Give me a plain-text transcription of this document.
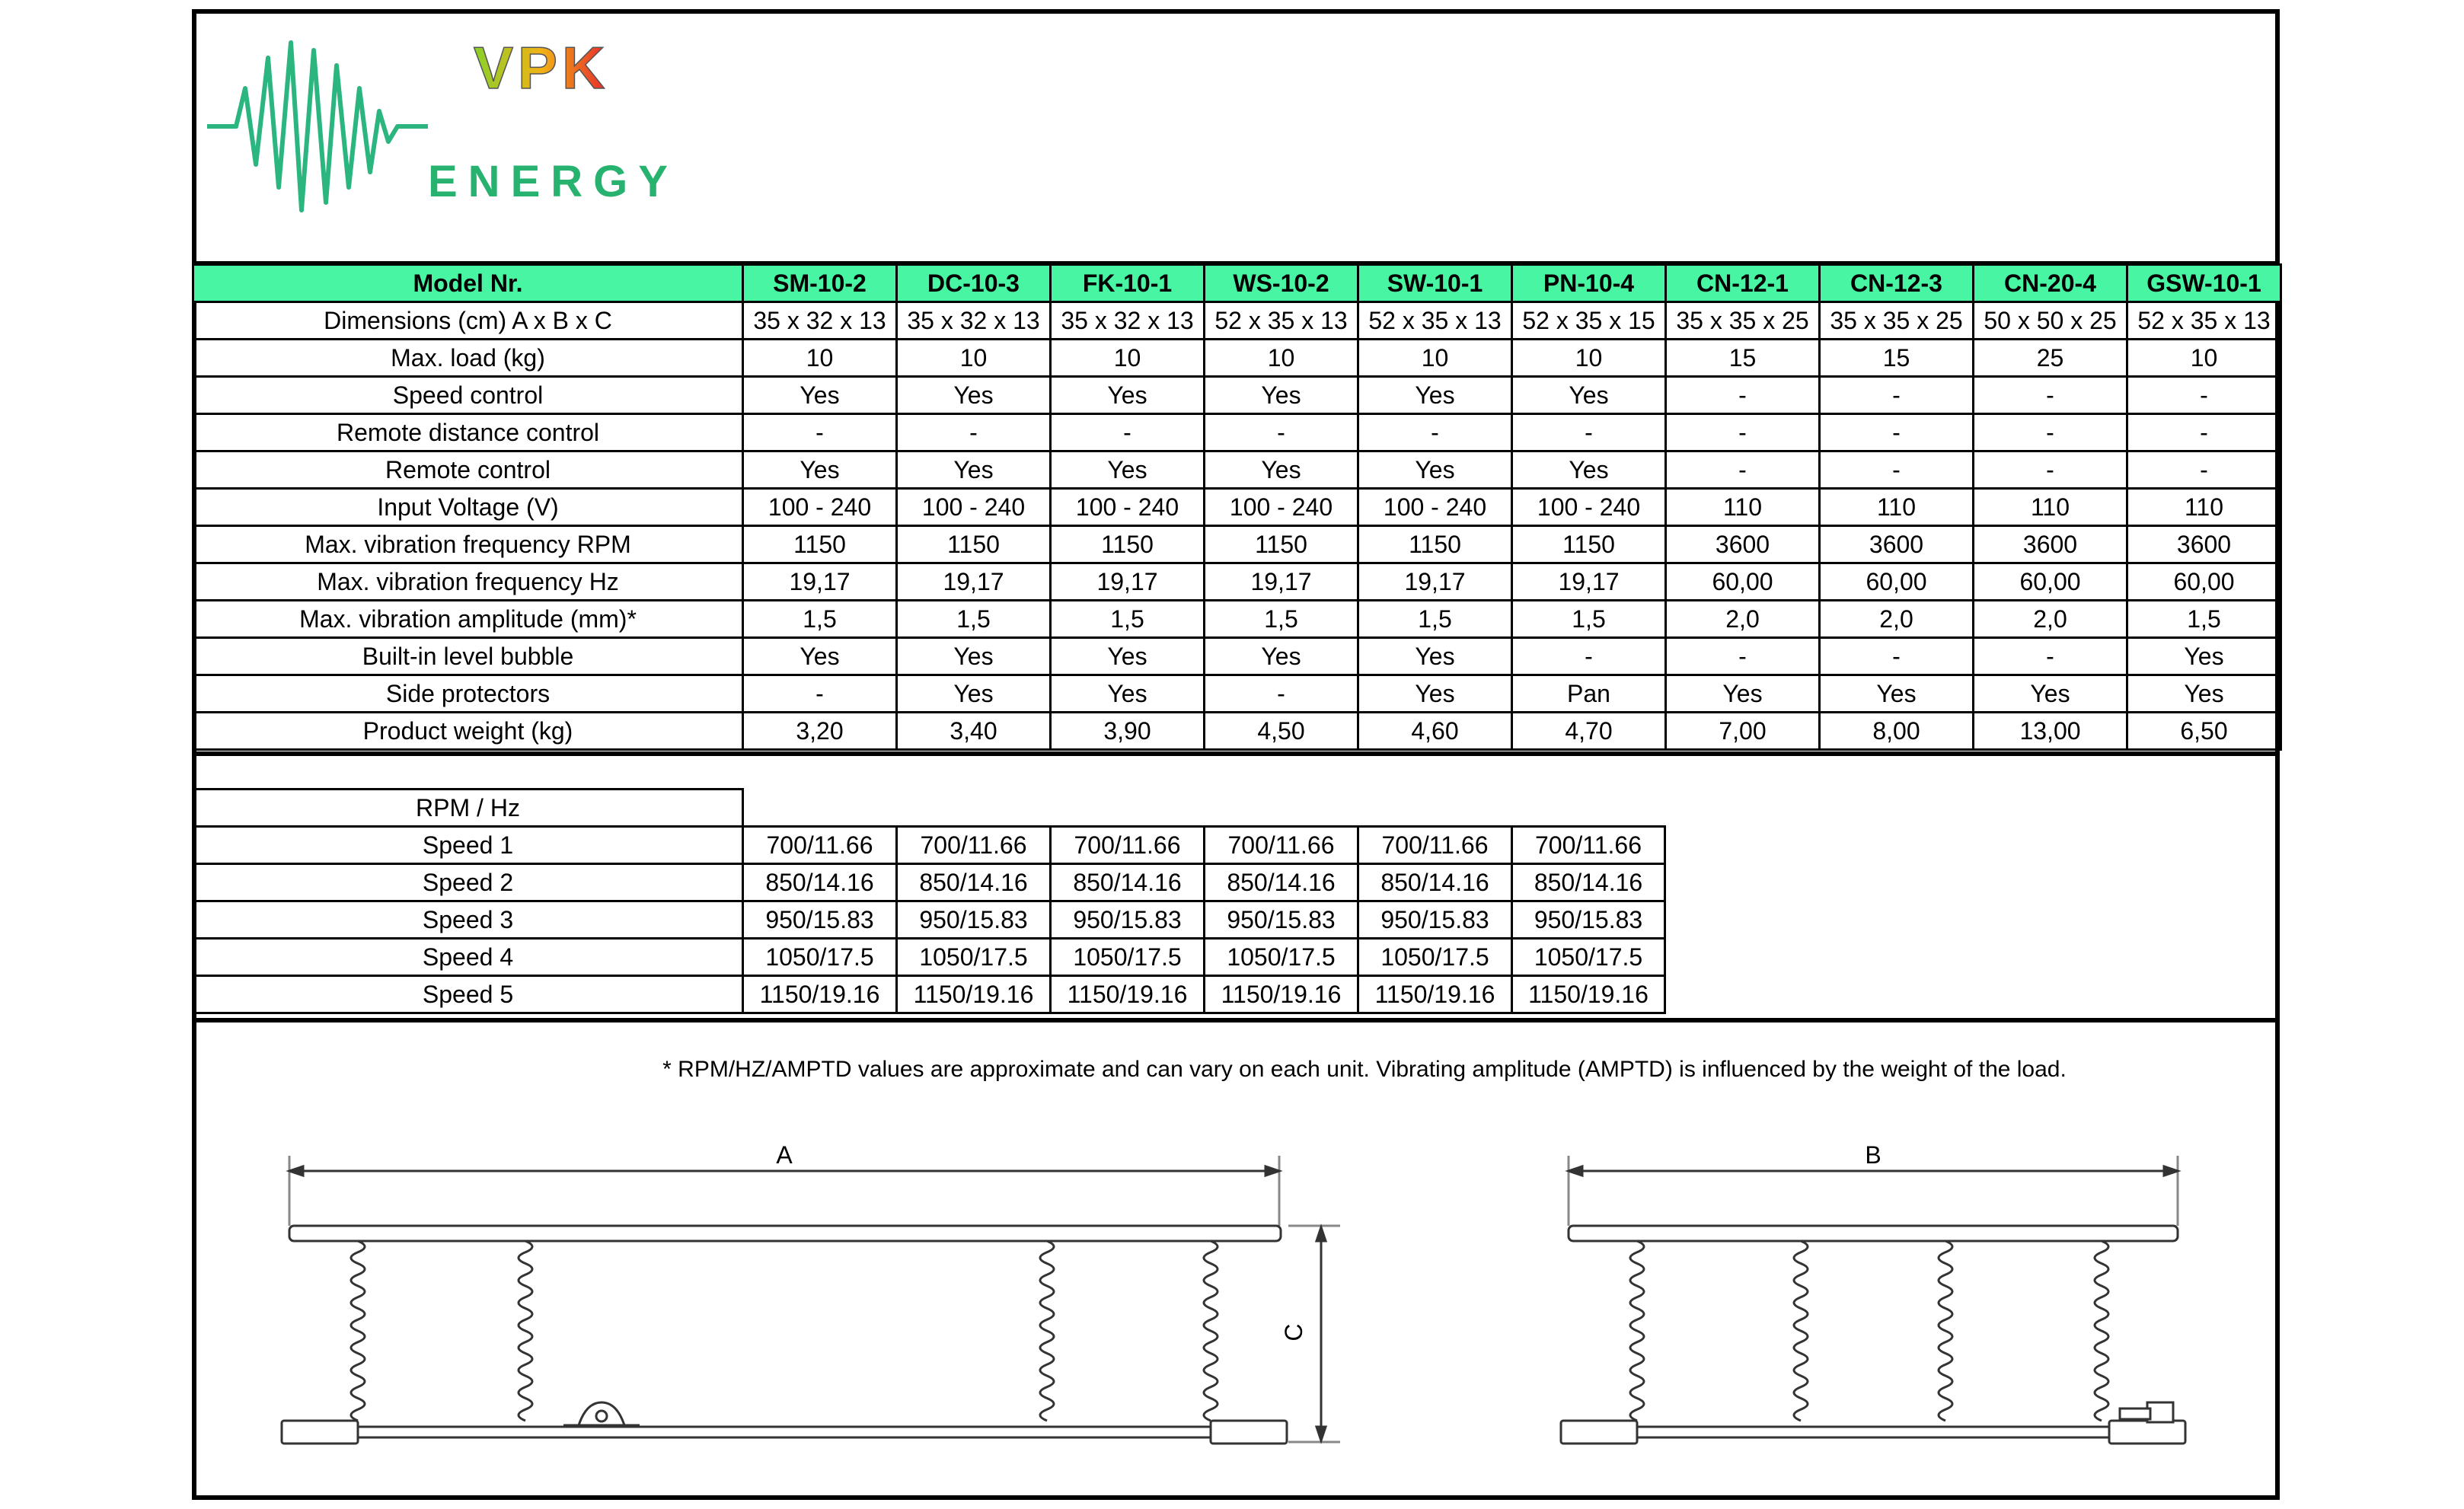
VPK
ENERGY
Model Nr.	SM-10-2	DC-10-3	FK-10-1	WS-10-2	SW-10-1	PN-10-4	CN-12-1	CN-12-3	CN-20-4	GSW-10-1
Dimensions (cm) A x B x C	35 x 32 x 13	35 x 32 x 13	35 x 32 x 13	52 x 35 x 13	52 x 35 x 13	52 x 35 x 15	35 x 35 x 25	35 x 35 x 25	50 x 50 x 25	52 x 35 x 13
Max. load (kg)	10	10	10	10	10	10	15	15	25	10
Speed control	Yes	Yes	Yes	Yes	Yes	Yes	-	-	-	-
Remote distance control	-	-	-	-	-	-	-	-	-	-
Remote control	Yes	Yes	Yes	Yes	Yes	Yes	-	-	-	-
Input Voltage (V)	100 - 240	100 - 240	100 - 240	100 - 240	100 - 240	100 - 240	110	110	110	110
Max. vibration frequency RPM	1150	1150	1150	1150	1150	1150	3600	3600	3600	3600
Max. vibration frequency Hz	19,17	19,17	19,17	19,17	19,17	19,17	60,00	60,00	60,00	60,00
Max. vibration amplitude (mm)*	1,5	1,5	1,5	1,5	1,5	1,5	2,0	2,0	2,0	1,5
Built-in level bubble	Yes	Yes	Yes	Yes	Yes	-	-	-	-	Yes
Side protectors	-	Yes	Yes	-	Yes	Pan	Yes	Yes	Yes	Yes
Product weight (kg)	3,20	3,40	3,90	4,50	4,60	4,70	7,00	8,00	13,00	6,50
RPM / Hz						
Speed 1	700/11.66	700/11.66	700/11.66	700/11.66	700/11.66	700/11.66
Speed 2	850/14.16	850/14.16	850/14.16	850/14.16	850/14.16	850/14.16
Speed 3	950/15.83	950/15.83	950/15.83	950/15.83	950/15.83	950/15.83
Speed 4	1050/17.5	1050/17.5	1050/17.5	1050/17.5	1050/17.5	1050/17.5
Speed 5	1150/19.16	1150/19.16	1150/19.16	1150/19.16	1150/19.16	1150/19.16
* RPM/HZ/AMPTD values are approximate and can vary on each unit. Vibrating amplitude (AMPTD) is influenced by the weight of the load.
A	B
C
